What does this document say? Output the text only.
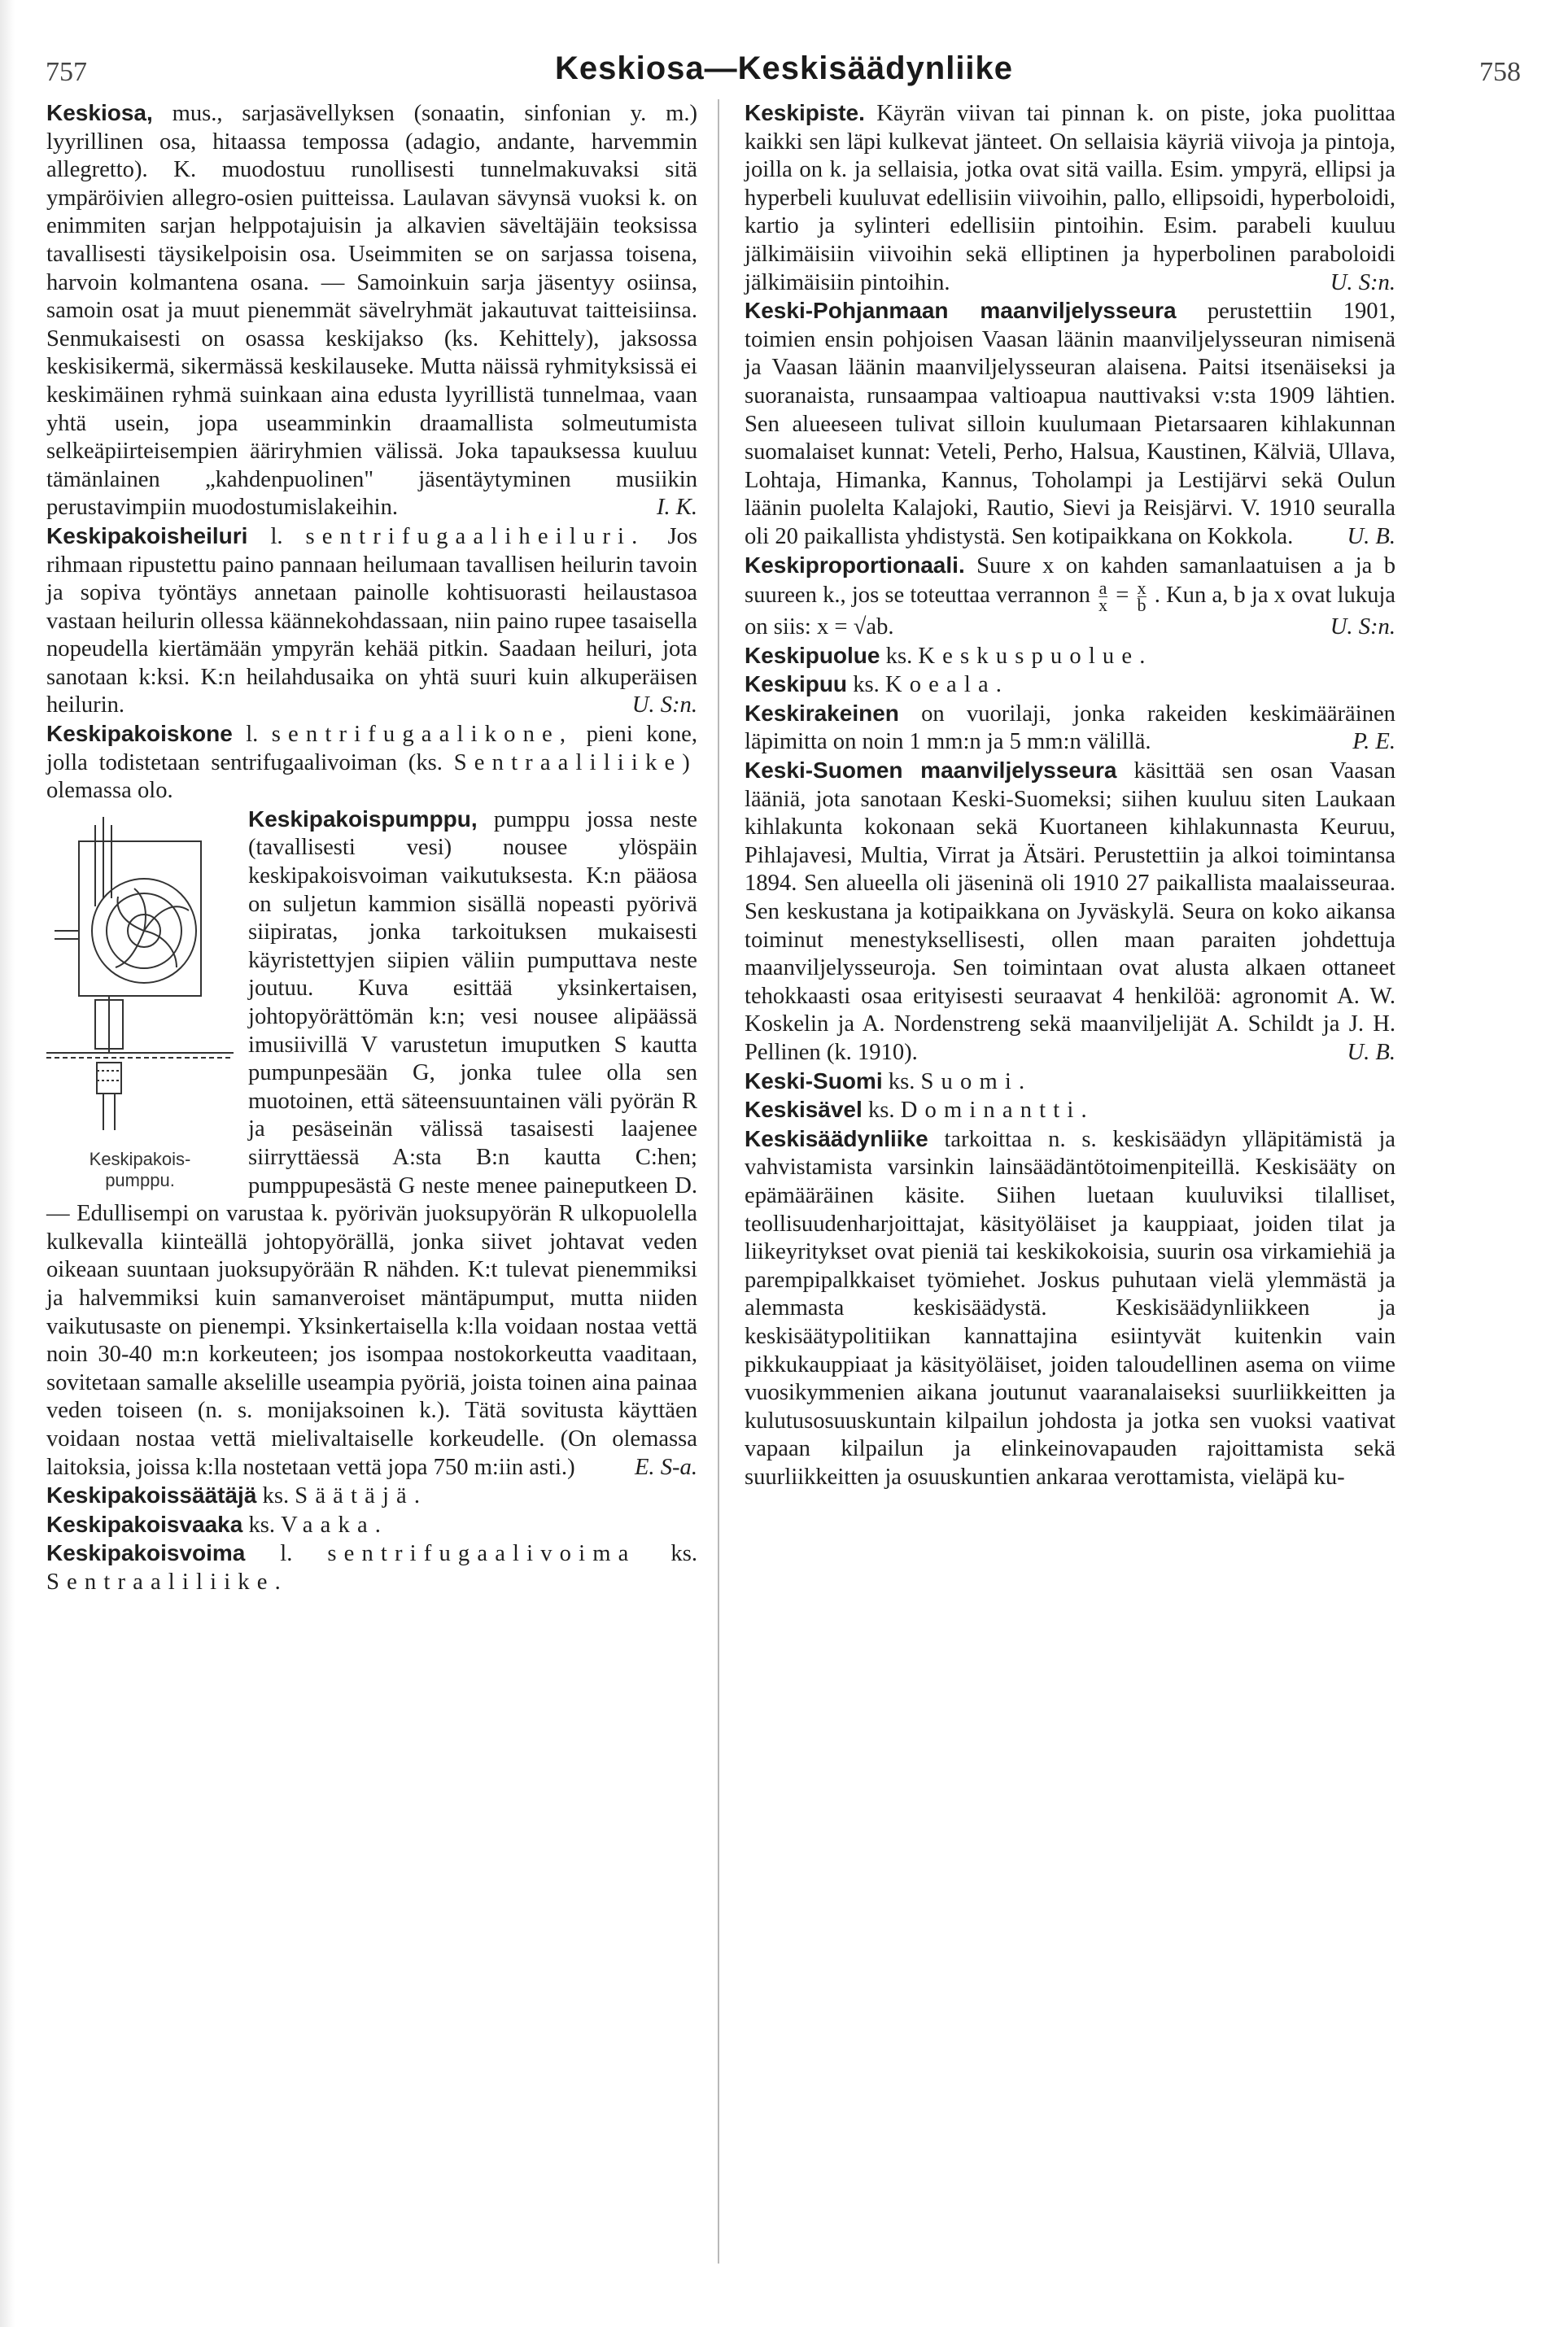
757	Keskiosa—Keskisäädynliike	758

Keskiosa, mus., sarjasävellyksen (sonaatin, sinfonian y. m.) lyyrillinen osa, hitaassa tempossa (adagio, andante, harvemmin allegretto). K. muodostuu runollisesti tunnelmakuvaksi sitä ympäröivien allegro-osien puitteissa. Laulavan sävynsä vuoksi k. on enimmiten sarjan helppotajuisin ja alkavien säveltäjäin teoksissa tavallisesti täysikelpoisin osa. Useimmiten se on sarjassa toisena, harvoin kolmantena osana. — Samoinkuin sarja jäsentyy osiinsa, samoin osat ja muut pienemmät sävelryhmät jakautuvat taitteisiinsa. Senmukaisesti on osassa keskijakso (ks. Kehittely), jaksossa keskisikermä, sikermässä keskilauseke. Mutta näissä ryhmityksissä ei keskimäinen ryhmä suinkaan aina edusta lyyrillistä tunnelmaa, vaan yhtä usein, jopa useamminkin draamallista solmeutumista selkeäpiirteisempien ääriryhmien välissä. Joka tapauksessa kuuluu tämänlainen „kahdenpuolinen" jäsentäytyminen musiikin perustavimpiin muodostumislakeihin.	I. K.

Keskipakoisheiluri l. sentrifugaaliheiluri. Jos rihmaan ripustettu paino pannaan heilumaan tavallisen heilurin tavoin ja sopiva työntäys annetaan painolle kohtisuorasti heilaustasoa vastaan heilurin ollessa käännekohdassaan, niin paino rupee tasaisella nopeudella kiertämään ympyrän kehää pitkin. Saadaan heiluri, jota sanotaan k:ksi. K:n heilahdusaika on yhtä suuri kuin alkuperäisen heilurin.	U. S:n.

Keskipakoiskone l. sentrifugaalikone, pieni kone, jolla todistetaan sentrifugaalivoiman (ks. Sentraaliliike) olemassa olo.

Keskipakois-
pumppu.
Keskipakoispumppu, pumppu jossa neste (tavallisesti vesi) nousee ylöspäin keskipakoisvoiman vaikutuksesta. K:n pääosa on suljetun kammion sisällä nopeasti pyörivä siipiratas, jonka tarkoituksen mukaisesti käyristettyjen siipien väliin pumputtava neste joutuu. Kuva esittää yksinkertaisen, johtopyörättömän k:n; vesi nousee alipäässä imusiivillä V varustetun imuputken S kautta pumpunpesään G, jonka tulee olla sen muotoinen, että säteensuuntainen väli pyörän R ja pesäseinän välissä tasaisesti laajenee siirryttäessä A:sta B:n kautta C:hen; pumppupesästä G neste menee paineputkeen D. — Edullisempi on varustaa k. pyörivän juoksupyörän R ulkopuolella kulkevalla kiinteällä johtopyörällä, jonka siivet johtavat veden oikeaan suuntaan juoksupyörään R nähden. K:t tulevat pienemmiksi ja halvemmiksi kuin samanveroiset mäntäpumput, mutta niiden vaikutusaste on pienempi. Yksinkertaisella k:lla voidaan nostaa vettä noin 30-40 m:n korkeuteen; jos isompaa nostokorkeutta vaaditaan, sovitetaan samalle akselille useampia pyöriä, joista toinen aina painaa veden toiseen (n. s. monijaksoinen k.). Tätä sovitusta käyttäen voidaan nostaa vettä mielivaltaiselle korkeudelle. (On olemassa laitoksia, joissa k:lla nostetaan vettä jopa 750 m:iin asti.)	E. S-a.

Keskipakoissäätäjä ks. Säätäjä.

Keskipakoisvaaka ks. Vaaka.

Keskipakoisvoima l. sentrifugaalivoima ks. Sentraaliliike.

Keskipiste. Käyrän viivan tai pinnan k. on piste, joka puolittaa kaikki sen läpi kulkevat jänteet. On sellaisia käyriä viivoja ja pintoja, joilla on k. ja sellaisia, jotka ovat sitä vailla. Esim. ympyrä, ellipsi ja hyperbeli kuuluvat edellisiin viivoihin, pallo, ellipsoidi, hyperboloidi, kartio ja sylinteri edellisiin pintoihin. Esim. parabeli kuuluu jälkimäisiin viivoihin sekä elliptinen ja hyperbolinen paraboloidi jälkimäisiin pintoihin.	U. S:n.

Keski-Pohjanmaan maanviljelysseura perustettiin 1901, toimien ensin pohjoisen Vaasan läänin maanviljelysseuran nimisenä ja Vaasan läänin maanviljelysseuran alaisena. Paitsi itsenäiseksi ja suoranaista, runsaampaa valtioapua nauttivaksi v:sta 1909 lähtien. Sen alueeseen tulivat silloin kuulumaan Pietarsaaren kihlakunnan suomalaiset kunnat: Veteli, Perho, Halsua, Kaustinen, Kälviä, Ullava, Lohtaja, Himanka, Kannus, Toholampi ja Lestijärvi sekä Oulun läänin puolelta Kalajoki, Rautio, Sievi ja Reisjärvi. V. 1910 seuralla oli 20 paikallista yhdistystä. Sen kotipaikkana on Kokkola. U. B.

Keskiproportionaali. Suure x on kahden samanlaatuisen a ja b suureen k., jos se toteuttaa verrannon $\frac{a}{x} = \frac{x}{b}$ . Kun a, b ja x ovat lukuja on siis: x = √ab.	U. S:n.

Keskipuolue ks. Keskuspuolue.

Keskipuu ks. Koeala.

Keskirakeinen on vuorilaji, jonka rakeiden keskimääräinen läpimitta on noin 1 mm:n ja 5 mm:n välillä.	P. E.

Keski-Suomen maanviljelysseura käsittää sen osan Vaasan lääniä, jota sanotaan Keski-Suomeksi; siihen kuuluu siten Laukaan kihlakunta kokonaan sekä Kuortaneen kihlakunnasta Keuruu, Pihlajavesi, Multia, Virrat ja Ätsäri. Perustettiin ja alkoi toimintansa 1894. Sen alueella oli jäseninä oli 1910 27 paikallista maalaisseuraa. Sen keskustana ja kotipaikkana on Jyväskylä. Seura on koko aikansa toiminut menestyksellisesti, ollen maan paraiten johdettuja maanviljelysseuroja. Sen toimintaan ovat alusta alkaen ottaneet tehokkaasti osaa erityisesti seuraavat 4 henkilöä: agronomit A. W. Koskelin ja A. Nordenstreng sekä maanviljelijät A. Schildt ja J. H. Pellinen (k. 1910).	U. B.

Keski-Suomi ks. Suomi.

Keskisävel ks. Dominantti.

Keskisäädynliike tarkoittaa n. s. keskisäädyn ylläpitämistä ja vahvistamista varsinkin lainsäädäntötoimenpiteillä. Keskisääty on epämääräinen käsite. Siihen luetaan kuuluviksi tilalliset, teollisuudenharjoittajat, käsityöläiset ja kauppiaat, joiden tilat ja liikeyritykset ovat pieniä tai keskikokoisia, suurin osa virkamiehiä ja parempipalkkaiset työmiehet. Joskus puhutaan vielä ylemmästä ja alemmasta keskisäädystä. Keskisäädynliikkeen ja keskisäätypolitiikan kannattajina esiintyvät kuitenkin vain pikkukauppiaat ja käsityöläiset, joiden taloudellinen asema on viime vuosikymmenien aikana joutunut vaaranalaiseksi suurliikkeitten ja kulutusosuuskuntain kilpailun johdosta ja jotka sen vuoksi vaativat vapaan kilpailun ja elinkeinovapauden rajoittamista sekä suurliikkeitten ja osuuskuntien ankaraa verottamista, vieläpä ku-
